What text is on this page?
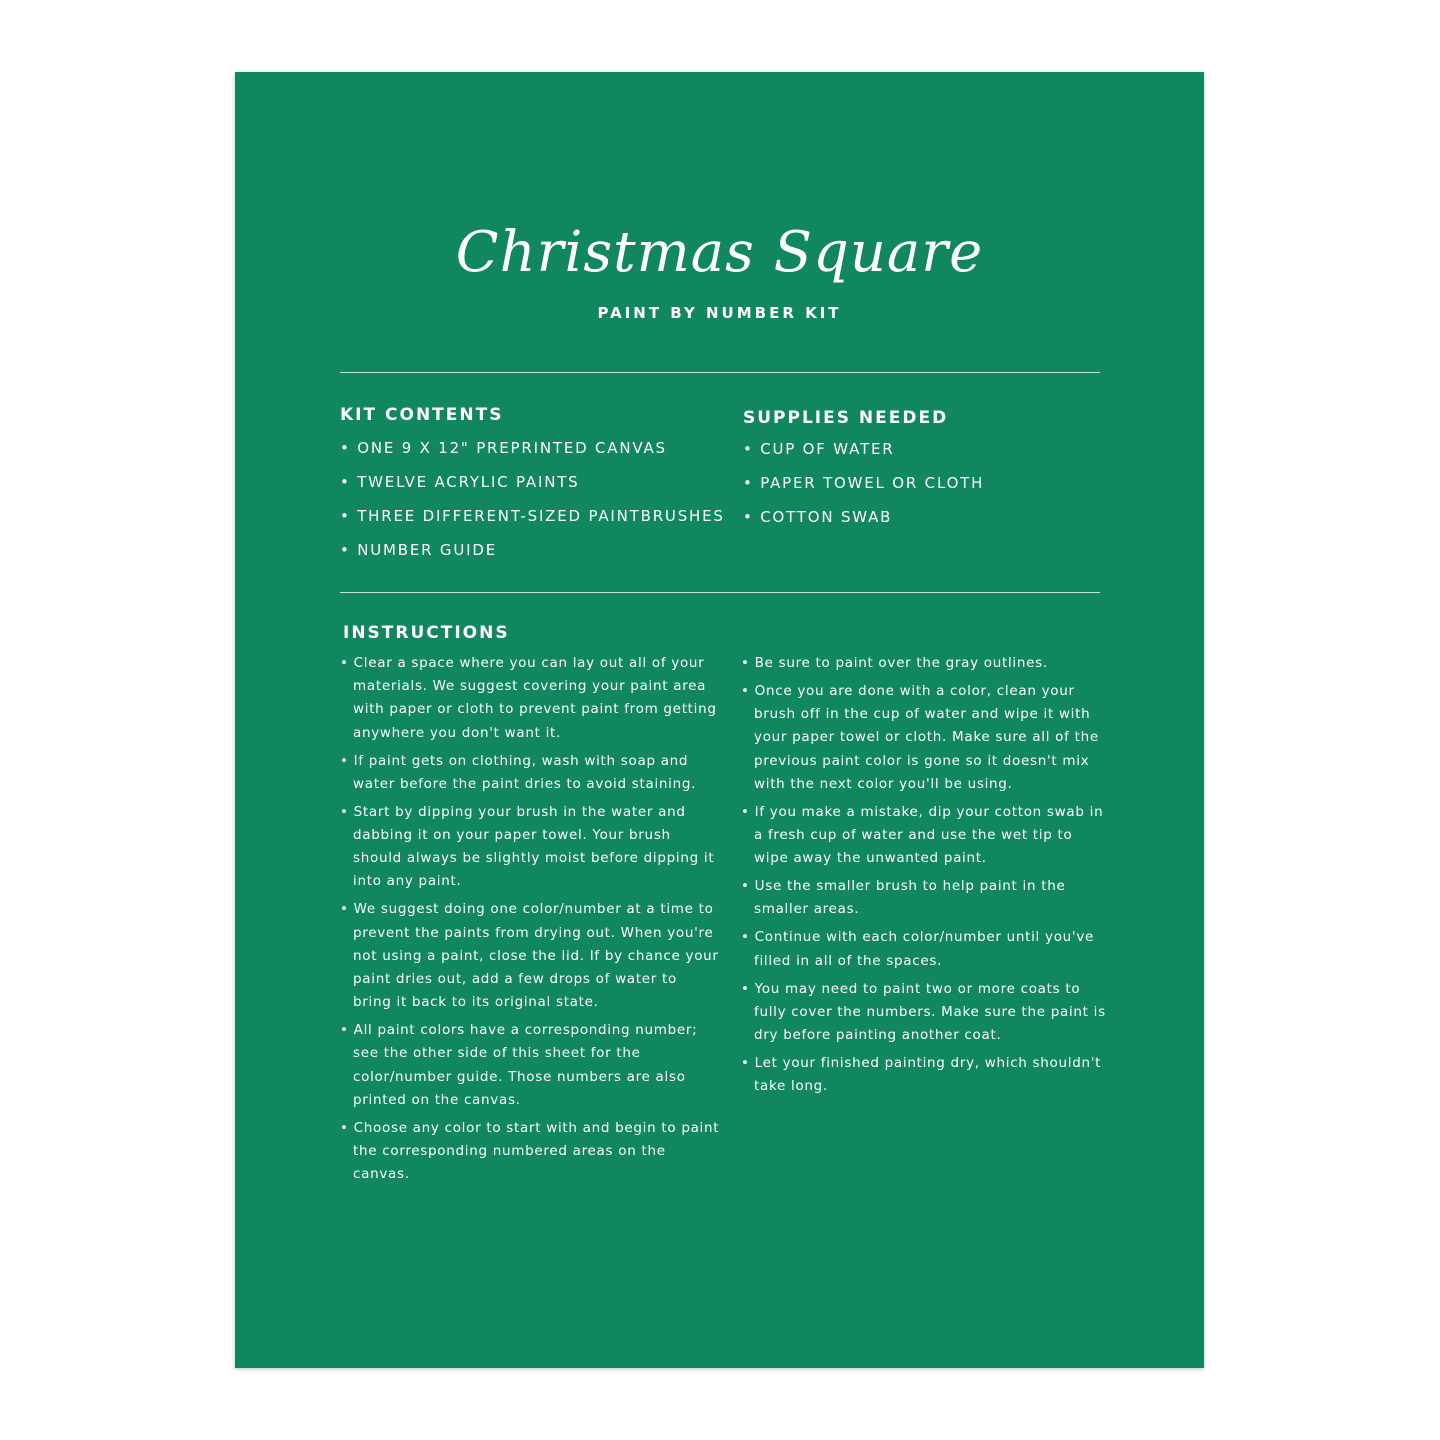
Christmas Square
PAINT BY NUMBER KIT
KIT CONTENTS
• ONE 9 X 12" PREPRINTED CANVAS
• TWELVE ACRYLIC PAINTS
• THREE DIFFERENT-SIZED PAINTBRUSHES
• NUMBER GUIDE
SUPPLIES NEEDED
• CUP OF WATER
• PAPER TOWEL OR CLOTH
• COTTON SWAB
INSTRUCTIONS
• Clear a space where you can lay out all of your materials. We suggest covering your paint area with paper or cloth to prevent paint from getting anywhere you don't want it.
• If paint gets on clothing, wash with soap and water before the paint dries to avoid staining.
• Start by dipping your brush in the water and dabbing it on your paper towel. Your brush should always be slightly moist before dipping it into any paint.
• We suggest doing one color/number at a time to prevent the paints from drying out. When you're not using a paint, close the lid. If by chance your paint dries out, add a few drops of water to bring it back to its original state.
• All paint colors have a corresponding number; see the other side of this sheet for the color/number guide. Those numbers are also printed on the canvas.
• Choose any color to start with and begin to paint the corresponding numbered areas on the canvas.
• Be sure to paint over the gray outlines.
• Once you are done with a color, clean your brush off in the cup of water and wipe it with your paper towel or cloth. Make sure all of the previous paint color is gone so it doesn't mix with the next color you'll be using.
• If you make a mistake, dip your cotton swab in a fresh cup of water and use the wet tip to wipe away the unwanted paint.
• Use the smaller brush to help paint in the smaller areas.
• Continue with each color/number until you've filled in all of the spaces.
• You may need to paint two or more coats to fully cover the numbers. Make sure the paint is dry before painting another coat.
• Let your finished painting dry, which shouldn't take long.
